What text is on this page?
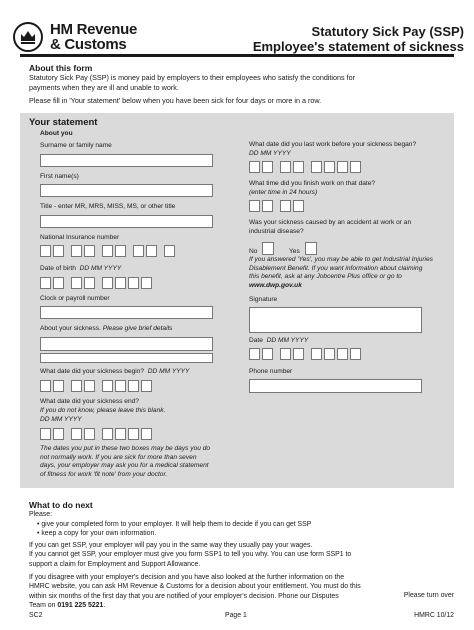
HM Revenue
& Customs
Statutory Sick Pay (SSP)
Employee's statement of sickness
About this form
Statutory Sick Pay (SSP) is money paid by employers to their employees who satisfy the conditions for
payments when they are ill and unable to work.
Please fill in 'Your statement' below when you have been sick for four days or more in a row.
Your statement
About you
Surname or family name
First name(s)
Title - enter MR, MRS, MISS, MS, or other title
National Insurance number
Date of birth DD MM YYYY
Clock or payroll number
About your sickness. Please give brief details
What date did your sickness begin? DD MM YYYY
What date did your sickness end?
If you do not know, please leave this blank.
DD MM YYYY
The dates you put in these two boxes may be days you do
not normally work. If you are sick for more than seven
days, your employer may ask you for a medical statement
of fitness for work 'fit note' from your doctor.
What date did you last work before your sickness began?
DD MM YYYY
What time did you finish work on that date?
(enter time in 24 hours)
Was your sickness caused by an accident at work or an
industrial disease?
No	Yes
If you answered 'Yes', you may be able to get Industrial Injuries
Disablement Benefit. If you want information about claiming
this benefit, ask at any Jobcentre Plus office or go to
www.dwp.gov.uk
Signature
Date DD MM YYYY
Phone number
What to do next
Please:
• give your completed form to your employer. It will help them to decide if you can get SSP
• keep a copy for your own information.
If you can get SSP, your employer will pay you in the same way they usually pay your wages.
If you cannot get SSP, your employer must give you form SSP1 to tell you why. You can use form SSP1 to
support a claim for Employment and Support Allowance.
If you disagree with your employer's decision and you have also looked at the further information on the
HMRC website, you can ask HM Revenue & Customs for a decision about your entitlement. You must do this
within six months of the first day that you are notified of your employer's decision. Phone our Disputes
Team on 0191 225 5221.
Please turn over
SC2	Page 1	HMRC 10/12
